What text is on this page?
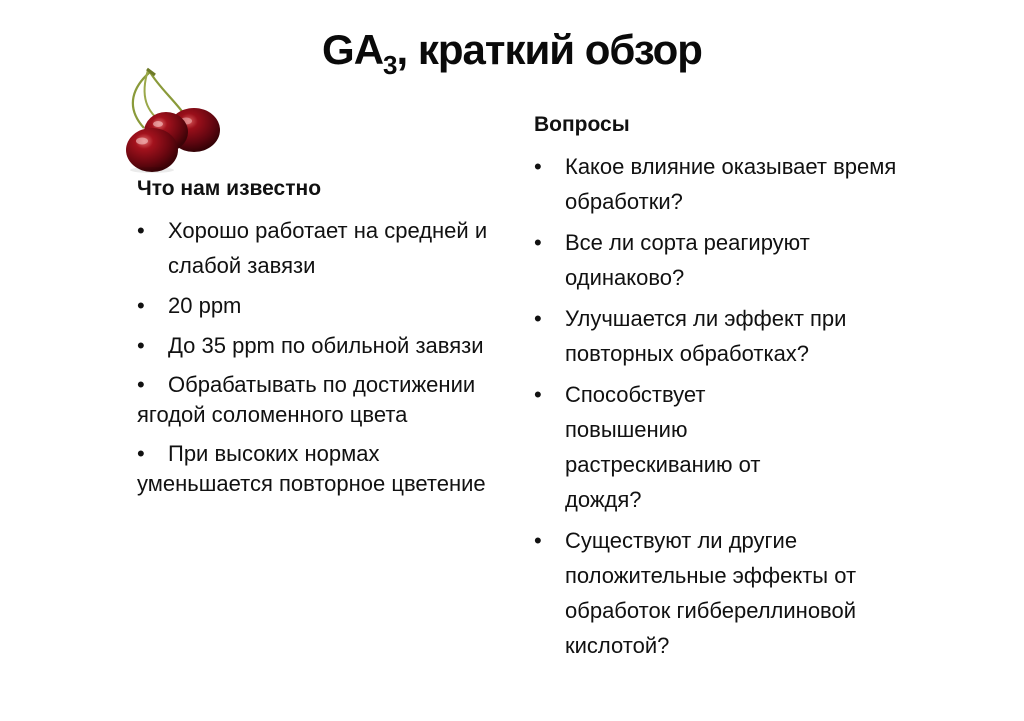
$GA_3$, краткий обзор
Что нам известно
• Хорошо работает на средней и слабой завязи
• 20 ppm
• До 35 ppm по обильной завязи
• Обрабатывать по достижении ягодой соломенного цвета
• При высоких нормах уменьшается повторное цветение
Вопросы
• Какое влияние оказывает время обработки?
• Все ли сорта реагируют одинаково?
• Улучшается ли эффект при повторных обработках?
• Способствует повышению растрескиванию от дождя?
• Существуют ли другие положительные эффекты от обработок гиббереллиновой кислотой?
